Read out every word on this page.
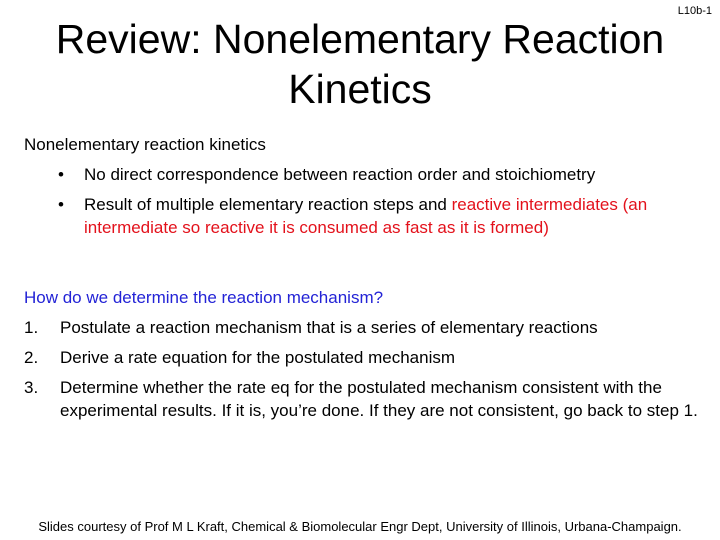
L10b-1
Review: Nonelementary Reaction Kinetics
Nonelementary reaction kinetics
• No direct correspondence between reaction order and stoichiometry
• Result of multiple elementary reaction steps and reactive intermediates (an intermediate so reactive it is consumed as fast as it is formed)
How do we determine the reaction mechanism?
1. Postulate a reaction mechanism that is a series of elementary reactions
2. Derive a rate equation for the postulated mechanism
3. Determine whether the rate eq for the postulated mechanism consistent with the experimental results. If it is, you’re done. If they are not consistent, go back to step 1.
Slides courtesy of Prof M L Kraft, Chemical & Biomolecular Engr Dept, University of Illinois, Urbana-Champaign.
